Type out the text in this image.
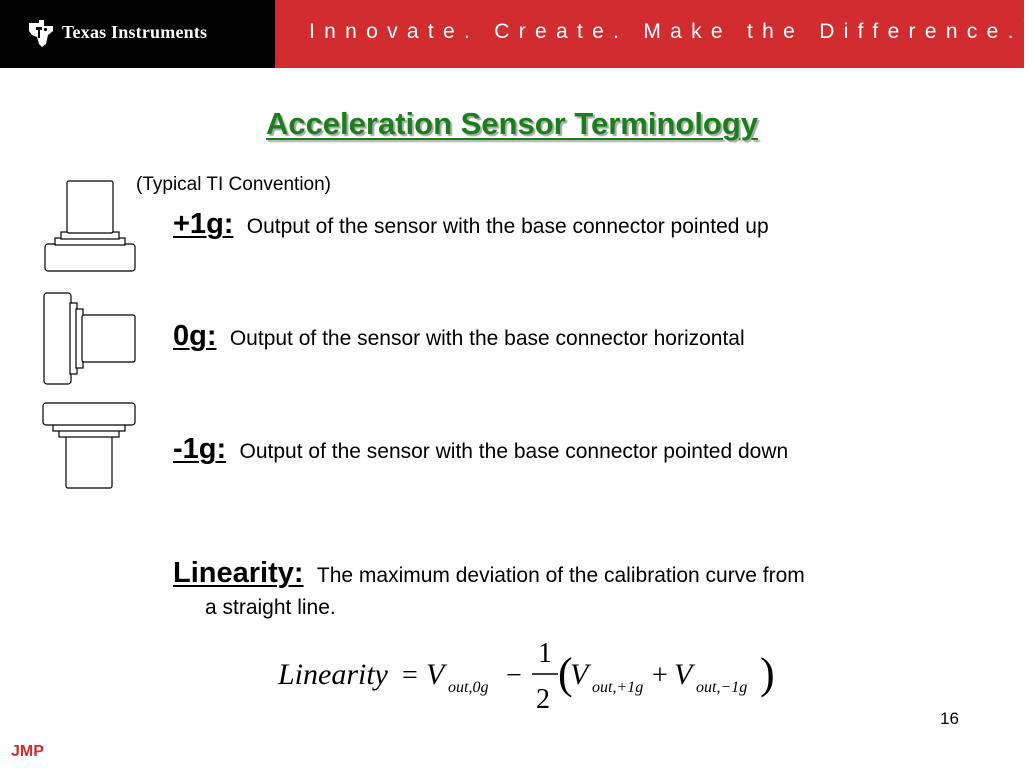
Texas Instruments	Innovate. Create. Make the Difference.™
Acceleration Sensor Terminology
(Typical TI Convention)
+1g: Output of the sensor with the base connector pointed up
0g: Output of the sensor with the base connector horizontal
-1g: Output of the sensor with the base connector pointed down
Linearity: The maximum deviation of the calibration curve from
a straight line.
Linearity = V out,0g −
1
2
(
V out,+1g + V out,−1g )
16
JMP
